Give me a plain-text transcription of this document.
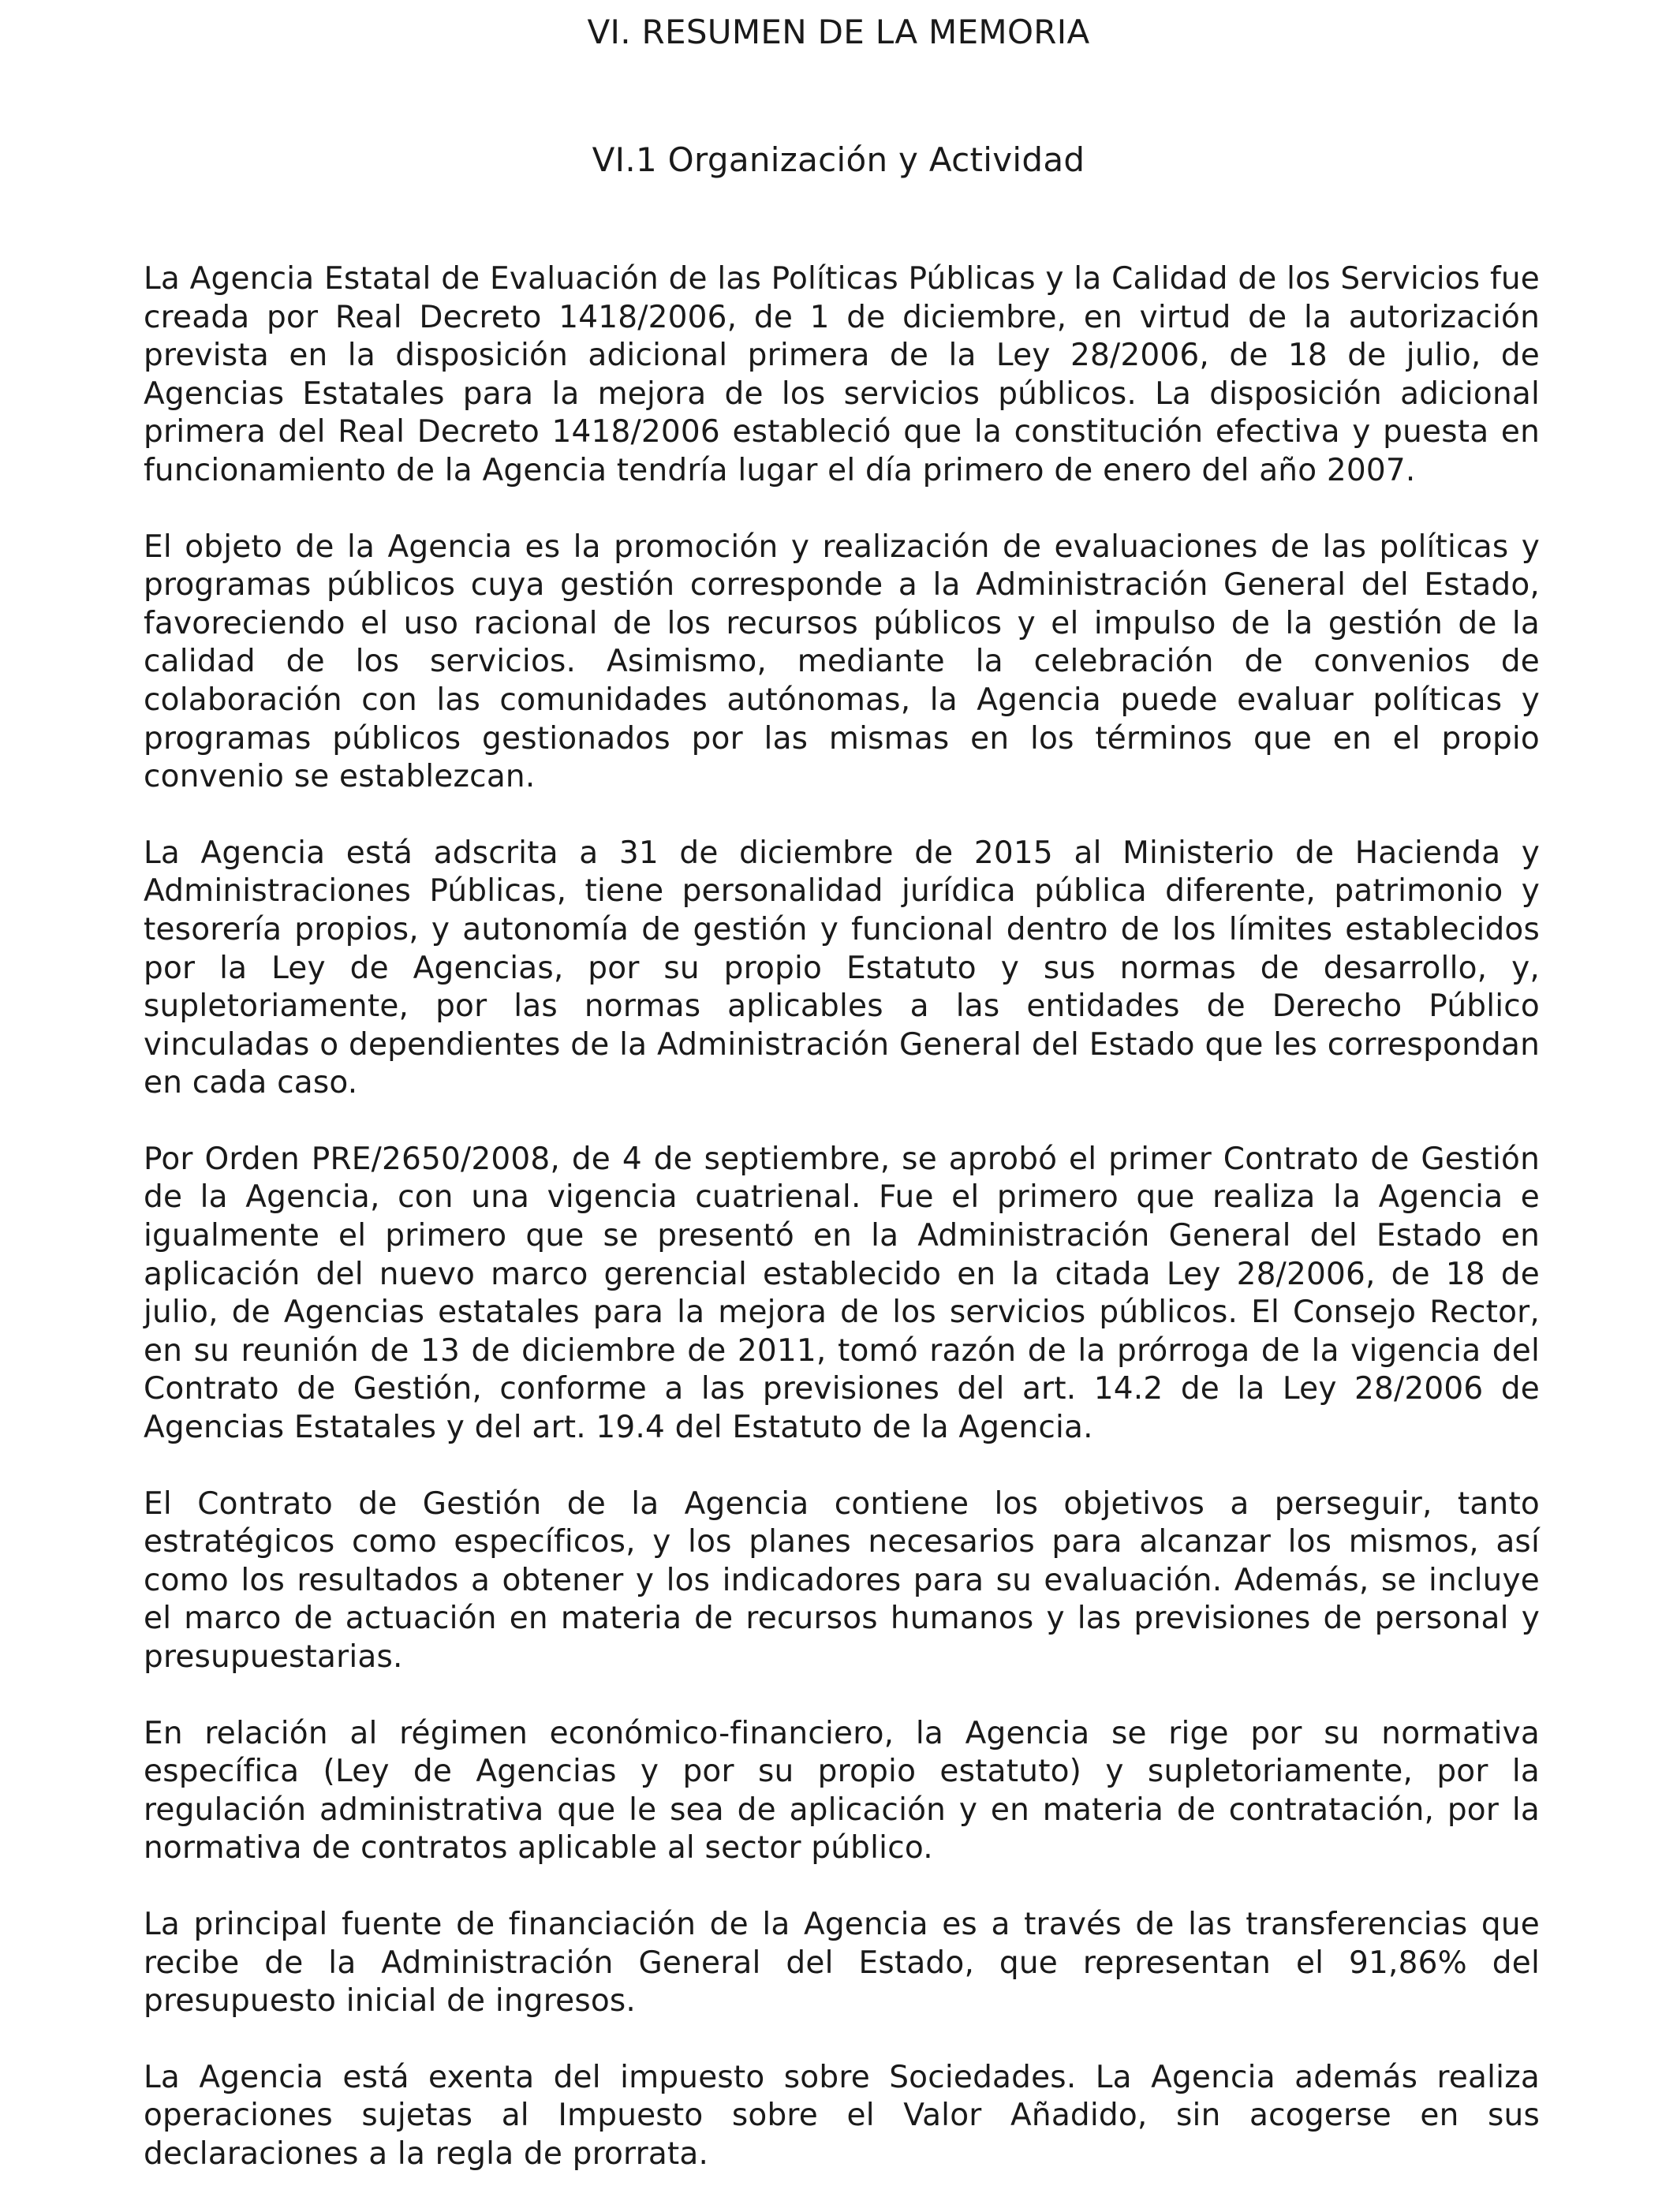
VI. RESUMEN DE LA MEMORIA
VI.1 Organización y Actividad

La Agencia Estatal de Evaluación de las Políticas Públicas y la Calidad de los Servicios fue creada por Real Decreto 1418/2006, de 1 de diciembre, en virtud de la autorización prevista en la disposición adicional primera de la Ley 28/2006, de 18 de julio, de Agencias Estatales para la mejora de los servicios públicos. La disposición adicional primera del Real Decreto 1418/2006 estableció que la constitución efectiva y puesta en funcionamiento de la Agencia tendría lugar el día primero de enero del año 2007.

El objeto de la Agencia es la promoción y realización de evaluaciones de las políticas y programas públicos cuya gestión corresponde a la Administración General del Estado, favoreciendo el uso racional de los recursos públicos y el impulso de la gestión de la calidad de los servicios. Asimismo, mediante la celebración de convenios de colaboración con las comunidades autónomas, la Agencia puede evaluar políticas y programas públicos gestionados por las mismas en los términos que en el propio convenio se establezcan.

La Agencia está adscrita a 31 de diciembre de 2015 al Ministerio de Hacienda y Administraciones Públicas, tiene personalidad jurídica pública diferente, patrimonio y tesorería propios, y autonomía de gestión y funcional dentro de los límites establecidos por la Ley de Agencias, por su propio Estatuto y sus normas de desarrollo, y, supletoriamente, por las normas aplicables a las entidades de Derecho Público vinculadas o dependientes de la Administración General del Estado que les correspondan en cada caso.

Por Orden PRE/2650/2008, de 4 de septiembre, se aprobó el primer Contrato de Gestión de la Agencia, con una vigencia cuatrienal. Fue el primero que realiza la Agencia e igualmente el primero que se presentó en la Administración General del Estado en aplicación del nuevo marco gerencial establecido en la citada Ley 28/2006, de 18 de julio, de Agencias estatales para la mejora de los servicios públicos. El Consejo Rector, en su reunión de 13 de diciembre de 2011, tomó razón de la prórroga de la vigencia del Contrato de Gestión, conforme a las previsiones del art. 14.2 de la Ley 28/2006 de Agencias Estatales y del art. 19.4 del Estatuto de la Agencia.

El Contrato de Gestión de la Agencia contiene los objetivos a perseguir, tanto estratégicos como específicos, y los planes necesarios para alcanzar los mismos, así como los resultados a obtener y los indicadores para su evaluación. Además, se incluye el marco de actuación en materia de recursos humanos y las previsiones de personal y presupuestarias.

En relación al régimen económico-financiero, la Agencia se rige por su normativa específica (Ley de Agencias y por su propio estatuto) y supletoriamente, por la regulación administrativa que le sea de aplicación y en materia de contratación, por la normativa de contratos aplicable al sector público.

La principal fuente de financiación de la Agencia es a través de las transferencias que recibe de la Administración General del Estado, que representan el 91,86% del presupuesto inicial de ingresos.

La Agencia está exenta del impuesto sobre Sociedades. La Agencia además realiza operaciones sujetas al Impuesto sobre el Valor Añadido, sin acogerse en sus declaraciones a la regla de prorrata.
